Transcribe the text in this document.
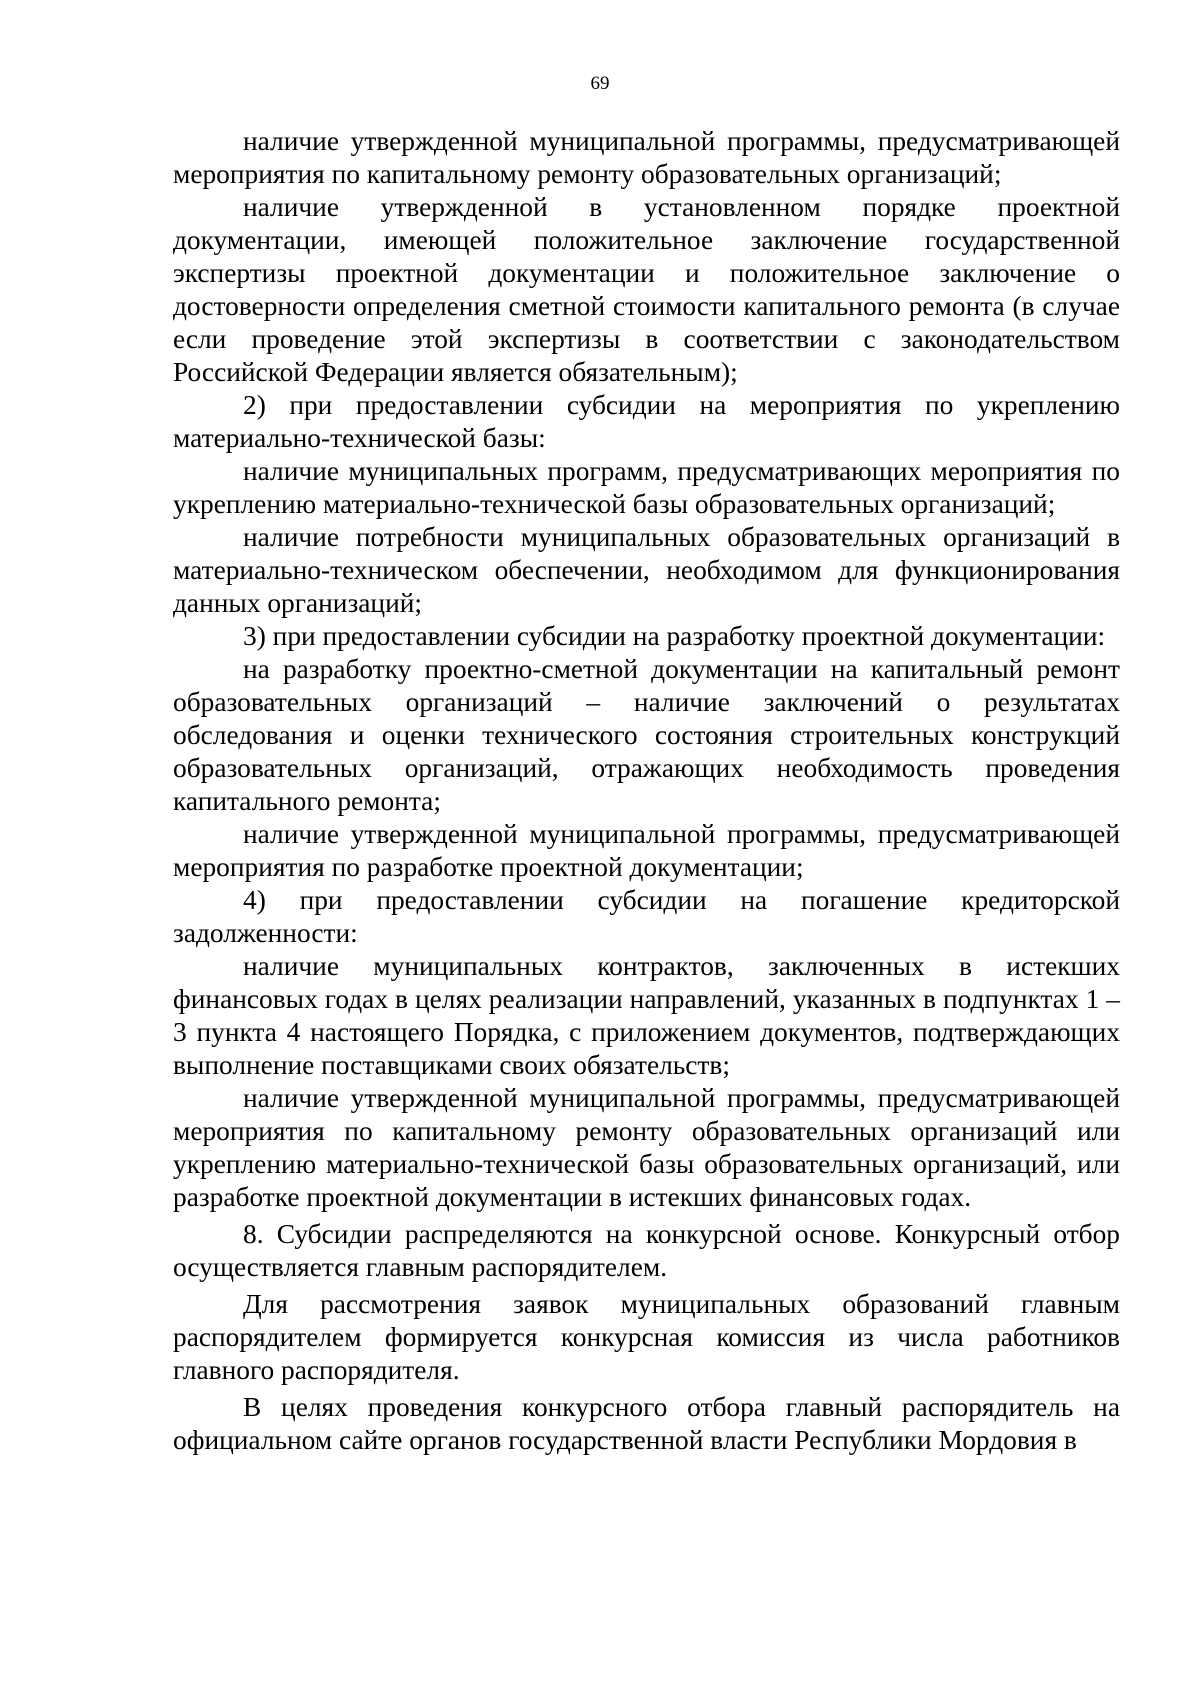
69

наличие утвержденной муниципальной программы, предусматривающей мероприятия по капитальному ремонту образовательных организаций;

наличие утвержденной в установленном порядке проектной документации, имеющей положительное заключение государственной экспертизы проектной документации и положительное заключение о достоверности определения сметной стоимости капитального ремонта (в случае если проведение этой экспертизы в соответствии с законодательством Российской Федерации является обязательным);

2) при предоставлении субсидии на мероприятия по укреплению материально-технической базы:

наличие муниципальных программ, предусматривающих мероприятия по укреплению материально-технической базы образовательных организаций;

наличие потребности муниципальных образовательных организаций в материально-техническом обеспечении, необходимом для функционирования данных организаций;

3) при предоставлении субсидии на разработку проектной документации:

на разработку проектно-сметной документации на капитальный ремонт образовательных организаций – наличие заключений о результатах обследования и оценки технического состояния строительных конструкций образовательных организаций, отражающих необходимость проведения капитального ремонта;

наличие утвержденной муниципальной программы, предусматривающей мероприятия по разработке проектной документации;

4) при предоставлении субсидии на погашение кредиторской задолженности:

наличие муниципальных контрактов, заключенных в истекших финансовых годах в целях реализации направлений, указанных в подпунктах 1 – 3 пункта 4 настоящего Порядка, с приложением документов, подтверждающих выполнение поставщиками своих обязательств;

наличие утвержденной муниципальной программы, предусматривающей мероприятия по капитальному ремонту образовательных организаций или укреплению материально-технической базы образовательных организаций, или разработке проектной документации в истекших финансовых годах.

8. Субсидии распределяются на конкурсной основе. Конкурсный отбор осуществляется главным распорядителем.

Для рассмотрения заявок муниципальных образований главным распорядителем формируется конкурсная комиссия из числа работников главного распорядителя.

В целях проведения конкурсного отбора главный распорядитель на официальном сайте органов государственной власти Республики Мордовия в
